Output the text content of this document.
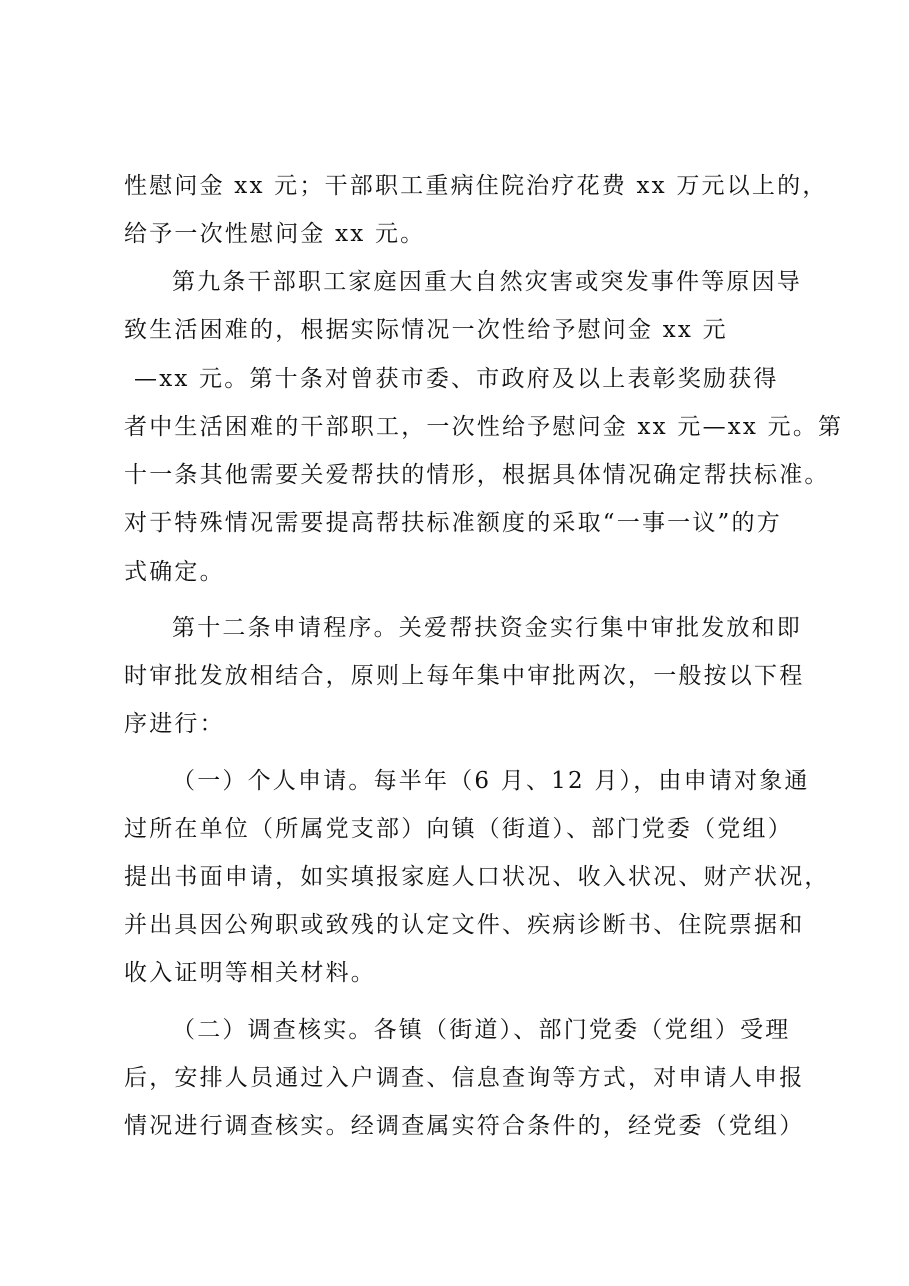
性慰问金 xx 元；干部职工重病住院治疗花费 xx 万元以上的，
给予一次性慰问金 xx 元。
第九条干部职工家庭因重大自然灾害或突发事件等原因导
致生活困难的，根据实际情况一次性给予慰问金 xx 元
—xx 元。第十条对曾获市委、市政府及以上表彰奖励获得
者中生活困难的干部职工，一次性给予慰问金 xx 元—xx 元。第
十一条其他需要关爱帮扶的情形，根据具体情况确定帮扶标准。
对于特殊情况需要提高帮扶标准额度的采取“一事一议”的方
式确定。
第十二条申请程序。关爱帮扶资金实行集中审批发放和即
时审批发放相结合，原则上每年集中审批两次，一般按以下程
序进行：
（一）个人申请。每半年（6 月、12 月），由申请对象通
过所在单位（所属党支部）向镇（街道）、部门党委（党组）
提出书面申请，如实填报家庭人口状况、收入状况、财产状况，
并出具因公殉职或致残的认定文件、疾病诊断书、住院票据和
收入证明等相关材料。
（二）调查核实。各镇（街道）、部门党委（党组）受理
后，安排人员通过入户调查、信息查询等方式，对申请人申报
情况进行调查核实。经调查属实符合条件的，经党委（党组）
